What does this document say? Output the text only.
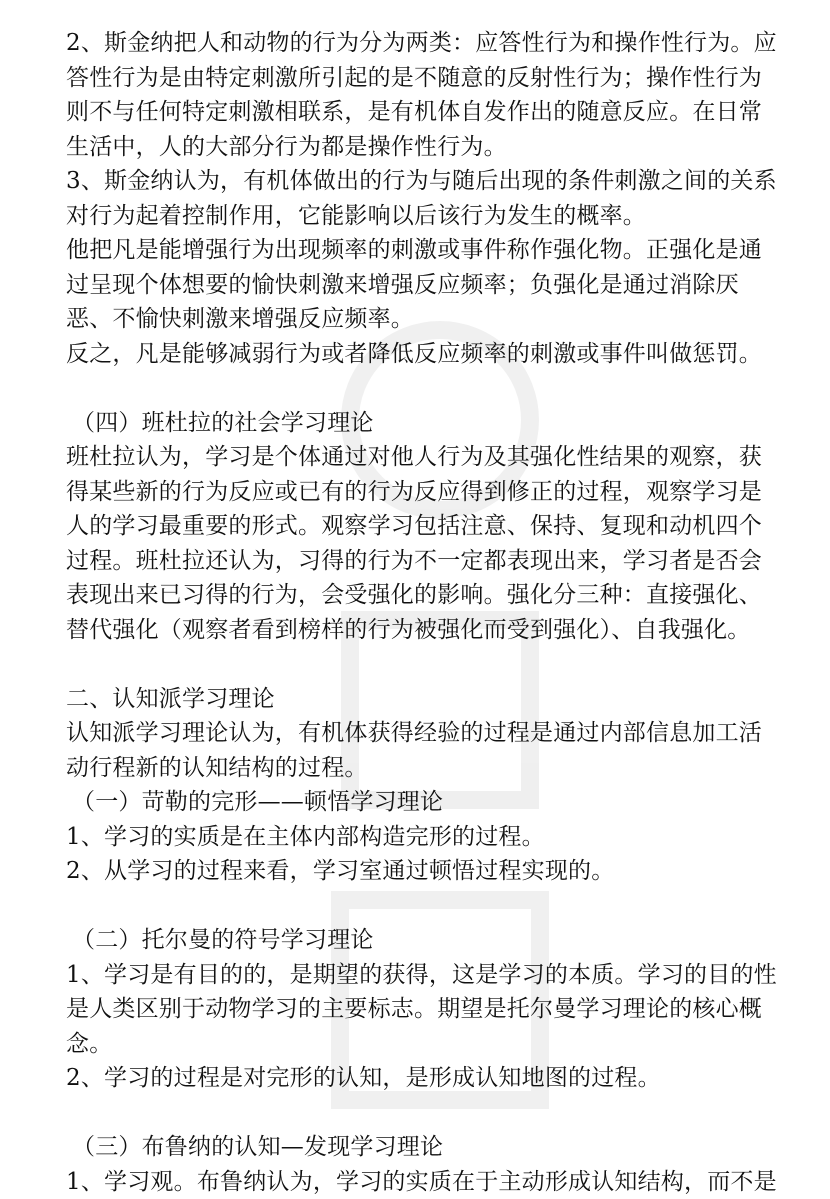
2、斯金纳把人和动物的行为分为两类：应答性行为和操作性行为。应
答性行为是由特定刺激所引起的是不随意的反射性行为；操作性行为
则不与任何特定刺激相联系，是有机体自发作出的随意反应。在日常
生活中，人的大部分行为都是操作性行为。
3、斯金纳认为，有机体做出的行为与随后出现的条件刺激之间的关系
对行为起着控制作用，它能影响以后该行为发生的概率。
他把凡是能增强行为出现频率的刺激或事件称作强化物。正强化是通
过呈现个体想要的愉快刺激来增强反应频率；负强化是通过消除厌
恶、不愉快刺激来增强反应频率。
反之，凡是能够减弱行为或者降低反应频率的刺激或事件叫做惩罚。
（四）班杜拉的社会学习理论
班杜拉认为，学习是个体通过对他人行为及其强化性结果的观察，获
得某些新的行为反应或已有的行为反应得到修正的过程，观察学习是
人的学习最重要的形式。观察学习包括注意、保持、复现和动机四个
过程。班杜拉还认为，习得的行为不一定都表现出来，学习者是否会
表现出来已习得的行为，会受强化的影响。强化分三种：直接强化、
替代强化（观察者看到榜样的行为被强化而受到强化）、自我强化。
二、认知派学习理论
认知派学习理论认为，有机体获得经验的过程是通过内部信息加工活
动行程新的认知结构的过程。
（一）苛勒的完形——顿悟学习理论
1、学习的实质是在主体内部构造完形的过程。
2、从学习的过程来看，学习室通过顿悟过程实现的。
（二）托尔曼的符号学习理论
1、学习是有目的的，是期望的获得，这是学习的本质。学习的目的性
是人类区别于动物学习的主要标志。期望是托尔曼学习理论的核心概
念。
2、学习的过程是对完形的认知，是形成认知地图的过程。
（三）布鲁纳的认知—发现学习理论
1、学习观。布鲁纳认为，学习的实质在于主动形成认知结构，而不是
